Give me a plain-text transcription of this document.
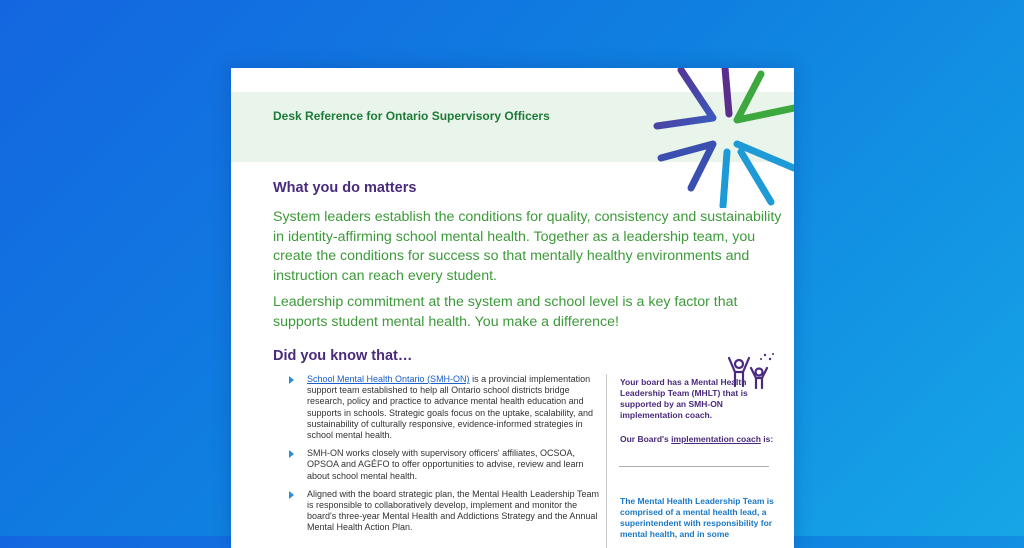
Desk Reference for Ontario Supervisory Officers
What you do matters

System leaders establish the conditions for quality, consistency and sustainability in identity-affirming school mental health. Together as a leadership team, you create the conditions for success so that mentally healthy environments and instruction can reach every student.

Leadership commitment at the system and school level is a key factor that supports student mental health. You make a difference!

Did you know that…
School Mental Health Ontario (SMH-ON) is a provincial implementation support team established to help all Ontario school districts bridge research, policy and practice to advance mental health education and supports in schools. Strategic goals focus on the uptake, scalability, and sustainability of culturally responsive, evidence-informed strategies in school mental health.
SMH-ON works closely with supervisory officers' affiliates, OCSOA, OPSOA and AGÉFO to offer opportunities to advise, review and learn about school mental health.
Aligned with the board strategic plan, the Mental Health Leadership Team is responsible to collaboratively develop, implement and monitor the board's three-year Mental Health and Addictions Strategy and the Annual Mental Health Action Plan.
Your board has a Mental Health Leadership Team (MHLT) that is supported by an SMH-ON implementation coach.
Our Board's implementation coach is:
The Mental Health Leadership Team is comprised of a mental health lead, a superintendent with responsibility for mental health, and in some
